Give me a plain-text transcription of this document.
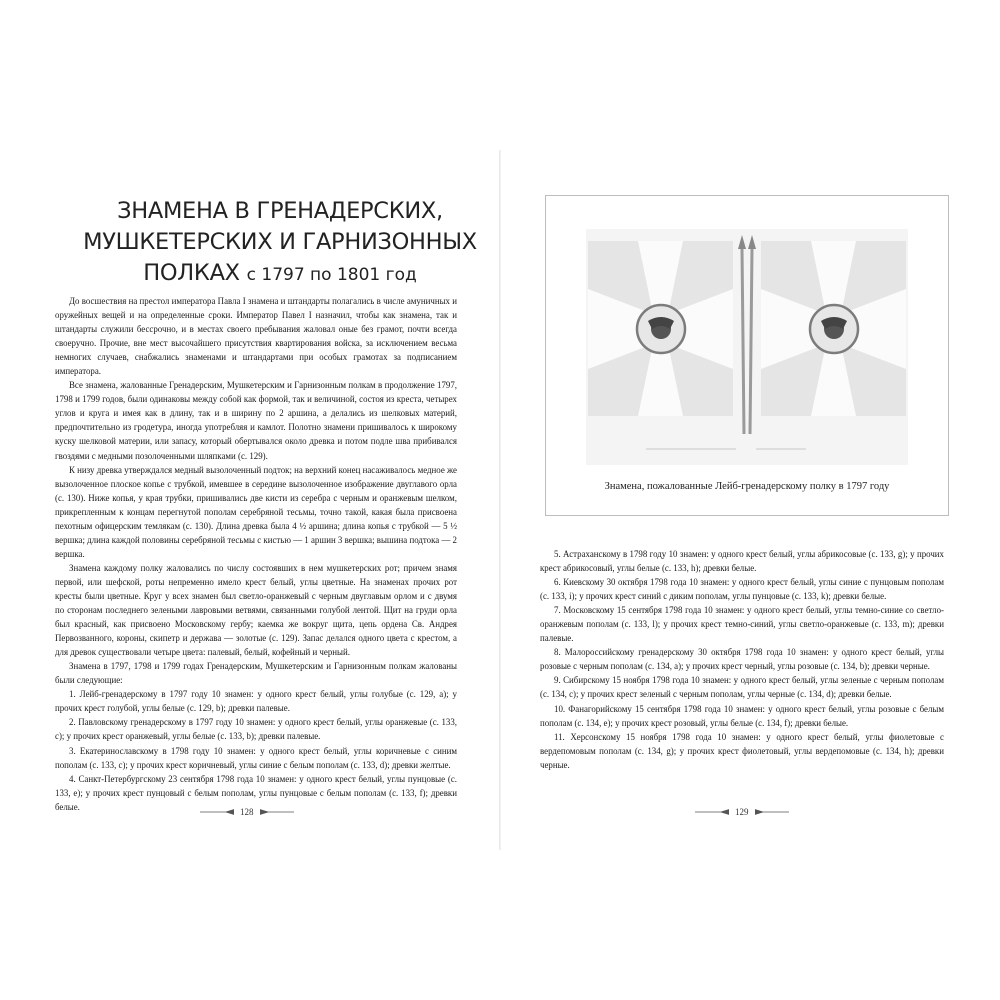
ЗНАМЕНА В ГРЕНАДЕРСКИХ,
МУШКЕТЕРСКИХ И ГАРНИЗОННЫХ
ПОЛКАХ с 1797 по 1801 год

До восшествия на престол императора Павла I знамена и штандарты полагались в числе амуничных и оружейных вещей и на определенные сроки. Император Павел I назначил, чтобы как знамена, так и штандарты служили бессрочно, и в местах своего пребывания жаловал оные без грамот, почти всегда своеручно. Прочие, вне мест высочайшего присутствия квартирования войска, за исключением весьма немногих случаев, снабжались знаменами и штандартами при особых грамотах за подписанием императора.

Все знамена, жалованные Гренадерским, Мушкетерским и Гарнизонным полкам в продолжение 1797, 1798 и 1799 годов, были одинаковы между собой как формой, так и величиной, состоя из креста, четырех углов и круга и имея как в длину, так и в ширину по 2 аршина, а делались из шелковых материй, предпочтительно из гродетура, иногда употребляя и камлот. Полотно знамени пришивалось к широкому куску шелковой материи, или запасу, который обертывался около древка и потом подле шва прибивался гвоздями с медными позолоченными шляпками (с. 129).

К низу древка утверждался медный вызолоченный подток; на верхний конец насаживалось медное же вызолоченное плоское копье с трубкой, имевшее в середине вызолоченное изображение двуглавого орла (с. 130). Ниже копья, у края трубки, пришивались две кисти из серебра с черным и оранжевым шелком, прикрепленным к концам перегнутой пополам серебряной тесьмы, точно такой, какая была присвоена пехотным офицерским темлякам (с. 130). Длина древка была 4 ½ аршина; длина копья с трубкой — 5 ½ вершка; длина каждой половины серебряной тесьмы с кистью — 1 аршин 3 вершка; вышина подтока — 2 вершка.

Знамена каждому полку жаловались по числу состоявших в нем мушкетерских рот; причем знамя первой, или шефской, роты непременно имело крест белый, углы цветные. На знаменах прочих рот кресты были цветные. Круг у всех знамен был светло-оранжевый с черным двуглавым орлом и с двумя по сторонам последнего зелеными лавровыми ветвями, связанными голубой лентой. Щит на груди орла был красный, как присвоено Московскому гербу; каемка же вокруг щита, цепь ордена Св. Андрея Первозванного, короны, скипетр и держава — золотые (с. 129). Запас делался одного цвета с крестом, а для древок существовали четыре цвета: палевый, белый, кофейный и черный.

Знамена в 1797, 1798 и 1799 годах Гренадерским, Мушкетерским и Гарнизонным полкам жалованы были следующие:

1. Лейб-гренадерскому в 1797 году 10 знамен: у одного крест белый, углы голубые (с. 129, a); у прочих крест голубой, углы белые (с. 129, b); древки палевые.

2. Павловскому гренадерскому в 1797 году 10 знамен: у одного крест белый, углы оранжевые (с. 133, c); у прочих крест оранжевый, углы белые (с. 133, b); древки палевые.

3. Екатеринославскому в 1798 году 10 знамен: у одного крест белый, углы коричневые с синим пополам (с. 133, c); у прочих крест коричневый, углы синие с белым пополам (с. 133, d); древки желтые.

4. Санкт-Петербургскому 23 сентября 1798 года 10 знамен: у одного крест белый, углы пунцовые (с. 133, e); у прочих крест пунцовый с белым пополам, углы пунцовые с белым пополам (с. 133, f); древки белые.

128
Знамена, пожалованные Лейб-гренадерскому полку в 1797 году

5. Астраханскому в 1798 году 10 знамен: у одного крест белый, углы абрикосовые (с. 133, g); у прочих крест абрикосовый, углы белые (с. 133, h); древки белые.

6. Киевскому 30 октября 1798 года 10 знамен: у одного крест белый, углы синие с пунцовым пополам (с. 133, i); у прочих крест синий с диким пополам, углы пунцовые (с. 133, k); древки белые.

7. Московскому 15 сентября 1798 года 10 знамен: у одного крест белый, углы темно-синие со светло-оранжевым пополам (с. 133, l); у прочих крест темно-синий, углы светло-оранжевые (с. 133, m); древки палевые.

8. Малороссийскому гренадерскому 30 октября 1798 года 10 знамен: у одного крест белый, углы розовые с черным пополам (с. 134, a); у прочих крест черный, углы розовые (с. 134, b); древки черные.

9. Сибирскому 15 ноября 1798 года 10 знамен: у одного крест белый, углы зеленые с черным пополам (с. 134, c); у прочих крест зеленый с черным пополам, углы черные (с. 134, d); древки белые.

10. Фанагорийскому 15 сентября 1798 года 10 знамен: у одного крест белый, углы розовые с белым пополам (с. 134, e); у прочих крест розовый, углы белые (с. 134, f); древки белые.

11. Херсонскому 15 ноября 1798 года 10 знамен: у одного крест белый, углы фиолетовые с вердепомовым пополам (с. 134, g); у прочих крест фиолетовый, углы вердепомовые (с. 134, h); древки черные.

129
